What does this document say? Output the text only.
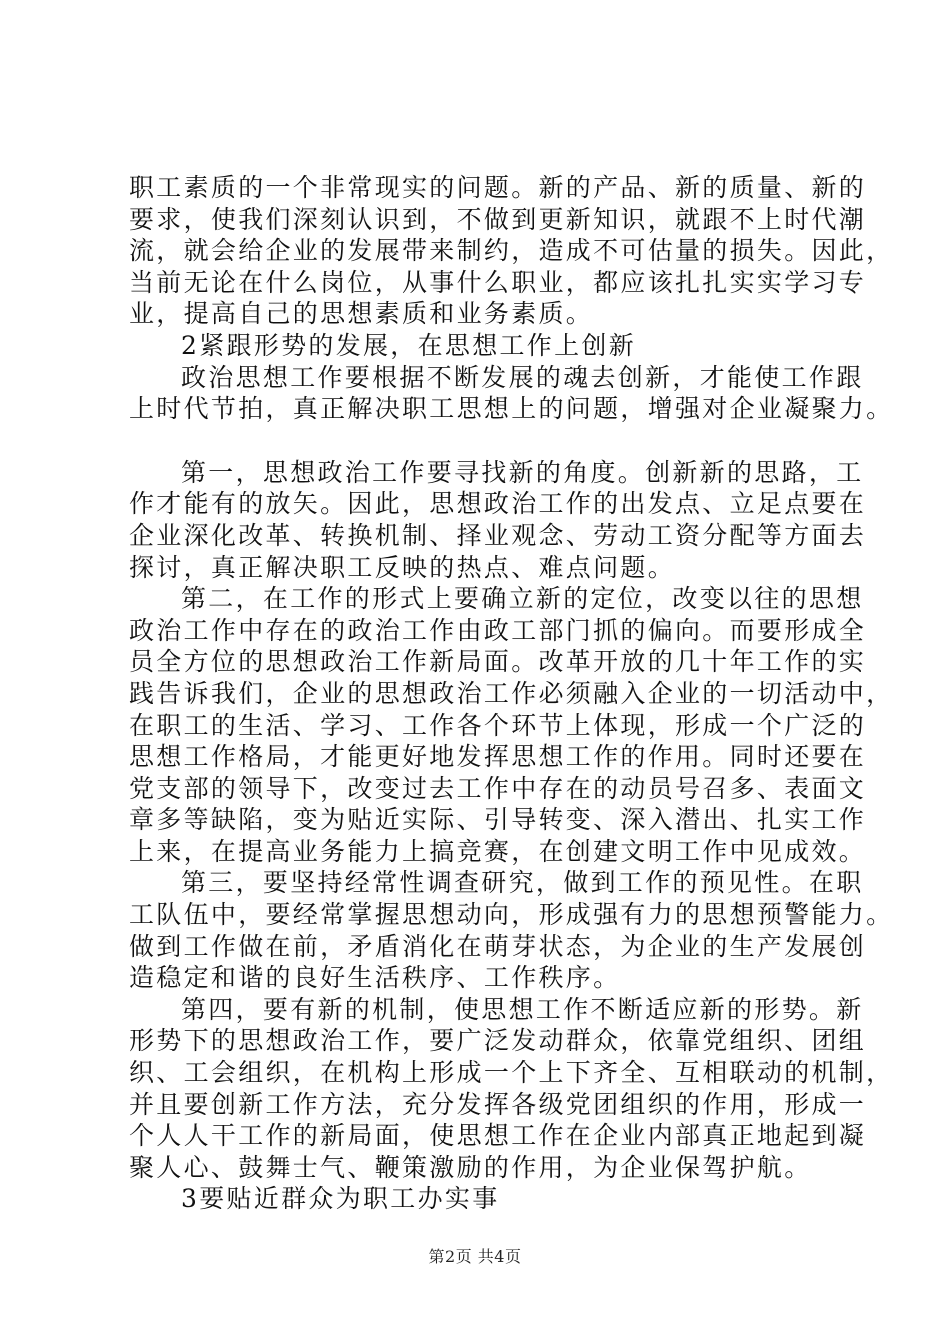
职工素质的一个非常现实的问题。新的产品、新的质量、新的
要求，使我们深刻认识到，不做到更新知识，就跟不上时代潮
流，就会给企业的发展带来制约，造成不可估量的损失。因此，
当前无论在什么岗位，从事什么职业，都应该扎扎实实学习专
业，提高自己的思想素质和业务素质。
2紧跟形势的发展，在思想工作上创新
政治思想工作要根据不断发展的魂去创新，才能使工作跟
上时代节拍，真正解决职工思想上的问题，增强对企业凝聚力。
第一，思想政治工作要寻找新的角度。创新新的思路，工
作才能有的放矢。因此，思想政治工作的出发点、立足点要在
企业深化改革、转换机制、择业观念、劳动工资分配等方面去
探讨，真正解决职工反映的热点、难点问题。
第二，在工作的形式上要确立新的定位，改变以往的思想
政治工作中存在的政治工作由政工部门抓的偏向。而要形成全
员全方位的思想政治工作新局面。改革开放的几十年工作的实
践告诉我们，企业的思想政治工作必须融入企业的一切活动中，
在职工的生活、学习、工作各个环节上体现，形成一个广泛的
思想工作格局，才能更好地发挥思想工作的作用。同时还要在
党支部的领导下，改变过去工作中存在的动员号召多、表面文
章多等缺陷，变为贴近实际、引导转变、深入潜出、扎实工作
上来，在提高业务能力上搞竞赛，在创建文明工作中见成效。
第三，要坚持经常性调查研究，做到工作的预见性。在职
工队伍中，要经常掌握思想动向，形成强有力的思想预警能力。
做到工作做在前，矛盾消化在萌芽状态，为企业的生产发展创
造稳定和谐的良好生活秩序、工作秩序。
第四，要有新的机制，使思想工作不断适应新的形势。新
形势下的思想政治工作，要广泛发动群众，依靠党组织、团组
织、工会组织，在机构上形成一个上下齐全、互相联动的机制，
并且要创新工作方法，充分发挥各级党团组织的作用，形成一
个人人干工作的新局面，使思想工作在企业内部真正地起到凝
聚人心、鼓舞士气、鞭策激励的作用，为企业保驾护航。
3要贴近群众为职工办实事
第2页 共4页
